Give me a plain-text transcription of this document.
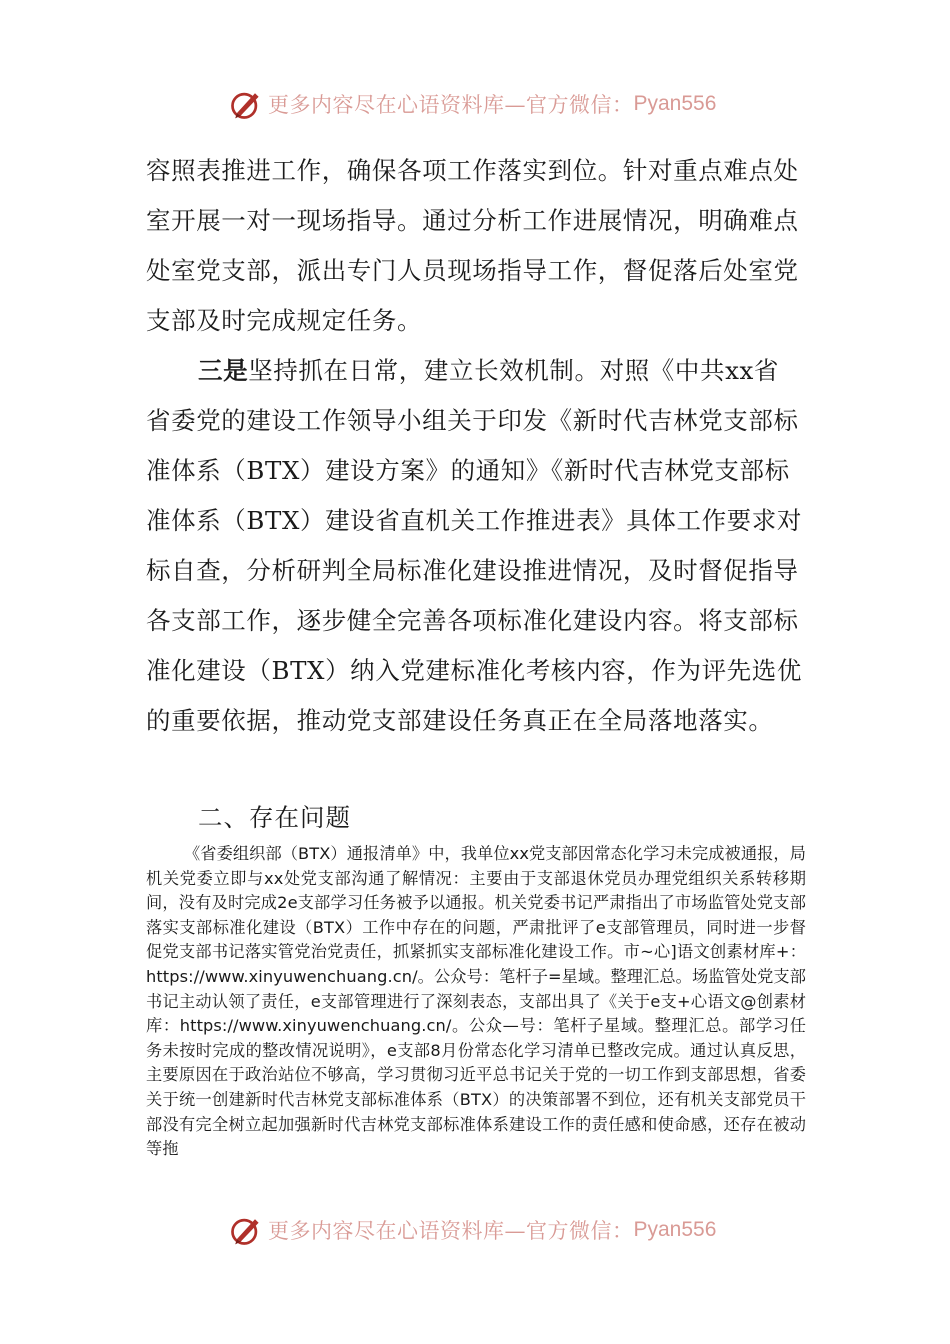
更多内容尽在心语资料库—官方微信： Pyan556

容照表推进工作，确保各项工作落实到位。针对重点难点处室开展一对一现场指导。通过分析工作进展情况，明确难点处室党支部，派出专门人员现场指导工作，督促落后处室党支部及时完成规定任务。

三是坚持抓在日常，建立长效机制。对照《中共xx省省委党的建设工作领导小组关于印发《新时代吉林党支部标准体系（BTX）建设方案》的通知》《新时代吉林党支部标准体系（BTX）建设省直机关工作推进表》具体工作要求对标自查，分析研判全局标准化建设推进情况，及时督促指导各支部工作，逐步健全完善各项标准化建设内容。将支部标准化建设（BTX）纳入党建标准化考核内容，作为评先选优的重要依据，推动党支部建设任务真正在全局落地落实。

二、存在问题

《省委组织部（BTX）通报清单》中，我单位xx党支部因常态化学习未完成被通报，局机关党委立即与xx处党支部沟通了解情况：主要由于支部退休党员办理党组织关系转移期间，没有及时完成2e支部学习任务被予以通报。机关党委书记严肃指出了市场监管处党支部落实支部标准化建设（BTX）工作中存在的问题，严肃批评了e支部管理员，同时进一步督促党支部书记落实管党治党责任，抓紧抓实支部标准化建设工作。市~心]语文创素材库+：https://www.xinyuwenchuang.cn/。公众号：笔杆子=星域。整理汇总。场监管处党支部书记主动认领了责任，e支部管理进行了深刻表态，支部出具了《关于e支+心语文@创素材库：https://www.xinyuwenchuang.cn/。公众—号：笔杆子星域。整理汇总。部学习任务未按时完成的整改情况说明》，e支部8月份常态化学习清单已整改完成。通过认真反思，主要原因在于政治站位不够高，学习贯彻习近平总书记关于党的一切工作到支部思想，省委关于统一创建新时代吉林党支部标准体系（BTX）的决策部署不到位，还有机关支部党员干部没有完全树立起加强新时代吉林党支部标准体系建设工作的责任感和使命感，还存在被动等拖

更多内容尽在心语资料库—官方微信： Pyan556
